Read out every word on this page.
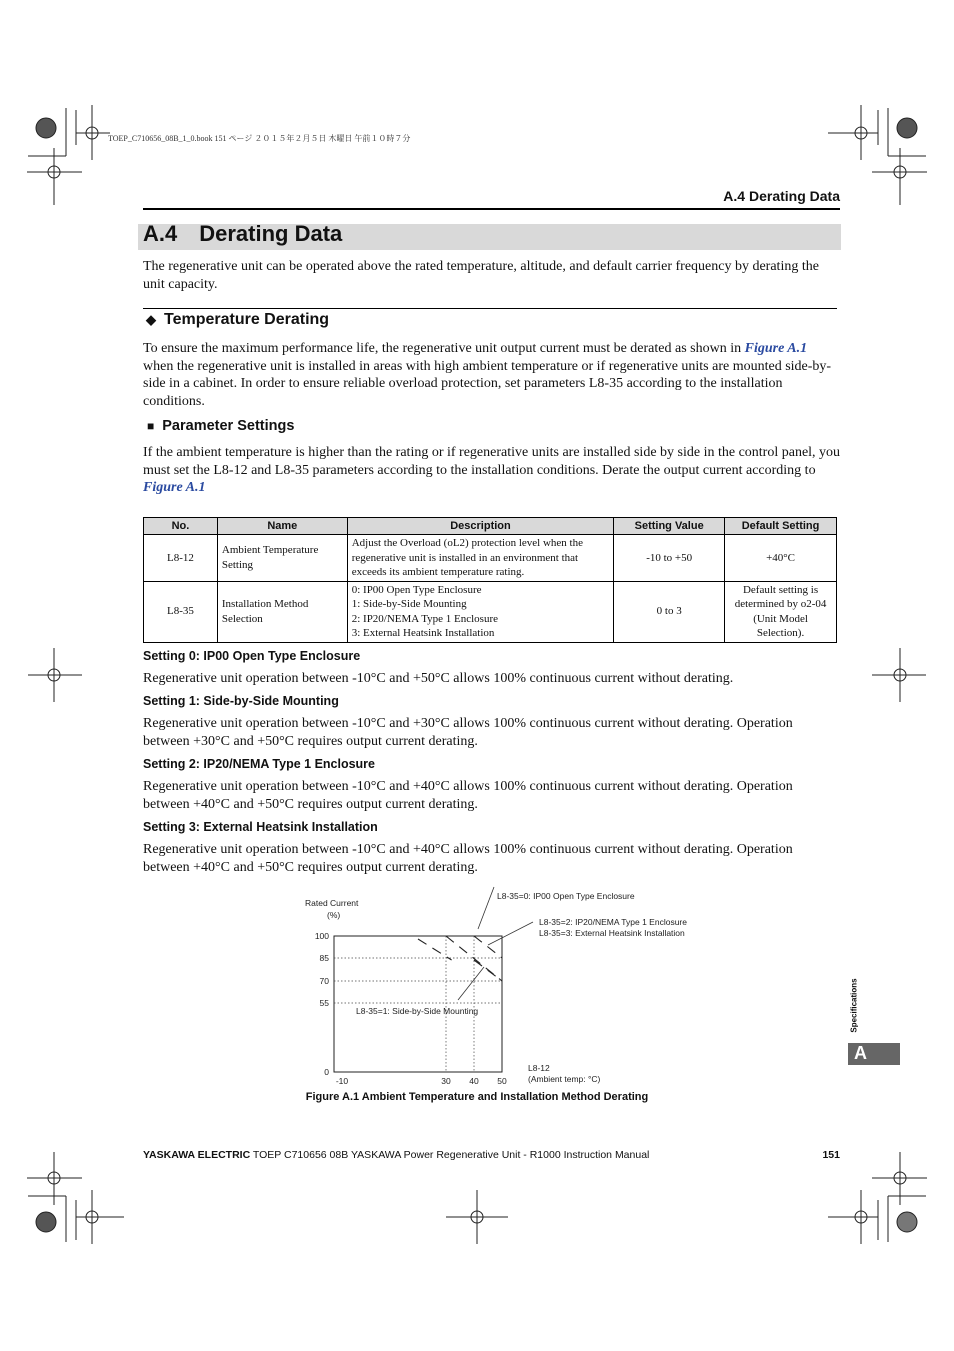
TOEP_C710656_08B_1_0.book 151 ページ ２０１５年２月５日 木曜日 午前１０時７分
A.4 Derating Data
A.4 Derating Data
The regenerative unit can be operated above the rated temperature, altitude, and default carrier frequency by derating the unit capacity.
◆ Temperature Derating
To ensure the maximum performance life, the regenerative unit output current must be derated as shown in Figure A.1 when the regenerative unit is installed in areas with high ambient temperature or if regenerative units are mounted side-by-side in a cabinet. In order to ensure reliable overload protection, set parameters L8-35 according to the installation conditions.
■ Parameter Settings
If the ambient temperature is higher than the rating or if regenerative units are installed side by side in the control panel, you must set the L8-12 and L8-35 parameters according to the installation conditions. Derate the output current according to Figure A.1
No.	Name	Description	Setting Value	Default Setting
L8-12	Ambient Temperature Setting	Adjust the Overload (oL2) protection level when the regenerative unit is installed in an environment that exceeds its ambient temperature rating.	-10 to +50	+40°C
L8-35	Installation Method Selection	0: IP00 Open Type Enclosure
1: Side-by-Side Mounting
2: IP20/NEMA Type 1 Enclosure
3: External Heatsink Installation	0 to 3	Default setting is determined by o2-04 (Unit Model Selection).
Setting 0: IP00 Open Type Enclosure
Regenerative unit operation between -10°C and +50°C allows 100% continuous current without derating.
Setting 1: Side-by-Side Mounting
Regenerative unit operation between -10°C and +30°C allows 100% continuous current without derating. Operation between +30°C and +50°C requires output current derating.
Setting 2: IP20/NEMA Type 1 Enclosure
Regenerative unit operation between -10°C and +40°C allows 100% continuous current without derating. Operation between +40°C and +50°C requires output current derating.
Setting 3: External Heatsink Installation
Regenerative unit operation between -10°C and +40°C allows 100% continuous current without derating. Operation between +40°C and +50°C requires output current derating.
Rated Current
(%)
L8-12
(Ambient temp: °C)
L8-35=0: IP00 Open Type Enclosure
L8-35=2: IP20/NEMA Type 1 Enclosure
L8-35=3: External Heatsink Installation
L8-35=1: Side-by-Side Mounting
100
85
70
55
0
-10	30 40 50
Figure A.1 Ambient Temperature and Installation Method Derating
Specifications
A
YASKAWA ELECTRIC TOEP C710656 08B YASKAWA Power Regenerative Unit - R1000 Instruction Manual	151
